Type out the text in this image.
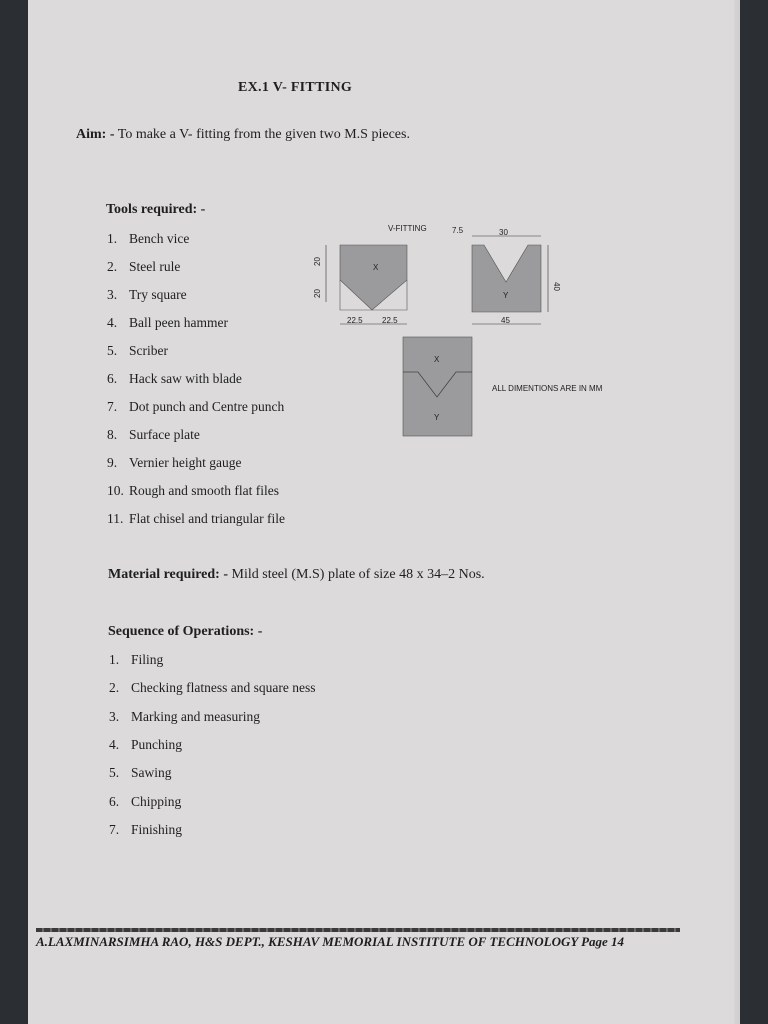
EX.1 V- FITTING
Aim: - To make a V- fitting from the given two M.S pieces.
Tools required: -
1. Bench vice
2. Steel rule
3. Try square
4. Ball peen hammer
5. Scriber
6. Hack saw with blade
7. Dot punch and Centre punch
8. Surface plate
9. Vernier height gauge
10. Rough and smooth flat files
11. Flat chisel and triangular file
Material required: - Mild steel (M.S) plate of size 48 x 34–2 Nos.
Sequence of Operations: -
1. Filing
2. Checking flatness and square ness
3. Marking and measuring
4. Punching
5. Sawing
6. Chipping
7. Finishing
V-FITTING
20
20
X
22.5 22.5
7.5	30
40
Y
45
X
Y
ALL DIMENTIONS ARE IN MM
A.LAXMINARSIMHA RAO, H&S DEPT., KESHAV MEMORIAL INSTITUTE OF TECHNOLOGY Page 14
